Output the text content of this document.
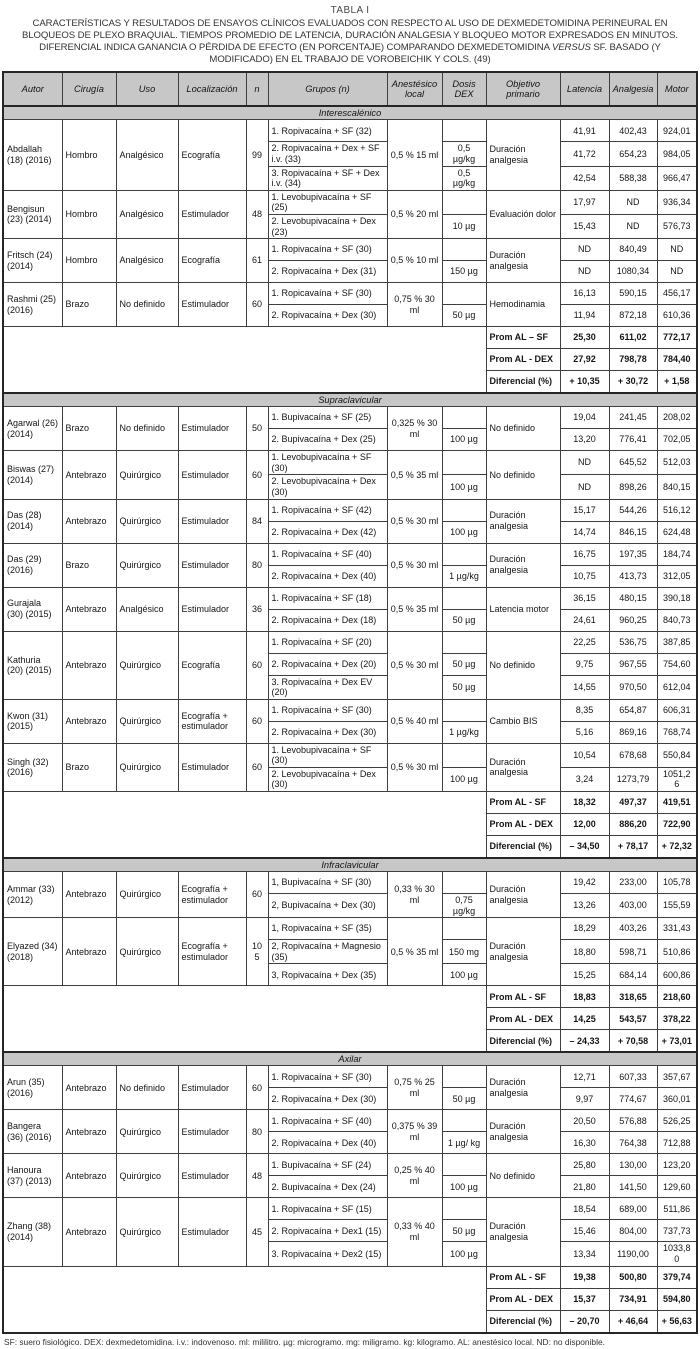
TABLA I
CARACTERÍSTICAS Y RESULTADOS DE ENSAYOS CLÍNICOS EVALUADOS CON RESPECTO AL USO DE DEXMEDETOMIDINA PERINEURAL EN BLOQUEOS DE PLEXO BRAQUIAL. TIEMPOS PROMEDIO DE LATENCIA, DURACIÓN ANALGESIA Y BLOQUEO MOTOR EXPRESADOS EN MINUTOS. DIFERENCIAL INDICA GANANCIA O PÉRDIDA DE EFECTO (EN PORCENTAJE) COMPARANDO DEXMEDETOMIDINA VERSUS SF. BASADO (Y MODIFICADO) EN EL TRABAJO DE VOROBEICHIK Y COLS. (49)
Autor	Cirugía	Uso	Localización	n	Grupos (n)	Anestésico local	Dosis DEX	Objetivo primario	Latencia	Analgesia	Motor
Interescalénico											
Abdallah (18) (2016)	Hombro	Analgésico	Ecografía	99	1. Ropivacaína + SF (32)	0,5 % 15 ml		Duración analgesia	41,91	402,43	924,01
					2. Ropivacaína + Dex + SF i.v. (33)		0,5 µg/kg		41,72	654,23	984,05
					3. Ropivacaína + SF + Dex i.v. (34)		0,5 µg/kg		42,54	588,38	966,47
Bengisun (23) (2014)	Hombro	Analgésico	Estimulador	48	1. Levobupivacaína + SF (25)	0,5 % 20 ml		Evaluación dolor	17,97	ND	936,34
					2. Levobupivacaína + Dex (23)		10 µg		15,43	ND	576,73
Fritsch (24) (2014)	Hombro	Analgésico	Ecografía	61	1. Ropivacaína + SF (30)	0,5 % 10 ml		Duración analgesia	ND	840,49	ND
					2. Ropivacaína + Dex (31)		150 µg		ND	1080,34	ND
Rashmi (25) (2016)	Brazo	No definido	Estimulador	60	1. Ropicavaína + SF (30)	0,75 % 30 ml		Hemodinamia	16,13	590,15	456,17
					2. Ropivacaína + Dex (30)		50 µg		11,94	872,18	610,36
								Prom AL – SF	25,30	611,02	772,17
								Prom AL - DEX	27,92	798,78	784,40
								Diferencial (%)	+ 10,35	+ 30,72	+ 1,58
Supraclavicular											
Agarwal (26) (2014)	Brazo	No definido	Estimulador	50	1. Bupivacaína + SF (25)	0,325 % 30 ml		No definido	19,04	241,45	208,02
					2. Bupivacaína + Dex (25)		100 µg		13,20	776,41	702,05
Biswas (27) (2014)	Antebrazo	Quirúrgico	Estimulador	60	1. Levobupivacaína + SF (30)	0,5 % 35 ml		No definido	ND	645,52	512,03
					2. Levobupivacaína + Dex (30)		100 µg		ND	898,26	840,15
Das (28) (2014)	Antebrazo	Quirúrgico	Estimulador	84	1. Ropivacaína + SF (42)	0,5 % 30 ml		Duración analgesia	15,17	544,26	516,12
					2. Ropivacaína + Dex (42)		100 µg		14,74	846,15	624,48
Das (29) (2016)	Brazo	Quirúrgico	Estimulador	80	1. Ropivacaína + SF (40)	0,5 % 30 ml		Duración analgesia	16,75	197,35	184,74
					2. Ropivacaína + Dex (40)		1 µg/kg		10,75	413,73	312,05
Gurajala (30) (2015)	Antebrazo	Analgésico	Estimulador	36	1. Ropivacaína + SF (18)	0,5 % 35 ml		Latencia motor	36,15	480,15	390,18
					2. Ropivacaína + Dex (18)		50 µg		24,61	960,25	840,73
Kathuria (20) (2015)	Antebrazo	Quirúrgico	Ecografía	60	1. Ropivacaína + SF (20)	0,5 % 30 ml		No definido	22,25	536,75	387,85
					2. Ropivacaína + Dex (20)		50 µg		9,75	967,55	754,60
					3. Ropivacaína + Dex EV (20)		50 µg		14,55	970,50	612,04
Kwon (31) (2015)	Antebrazo	Quirúrgico	Ecografía + estimulador	60	1. Ropivacaína + SF (30)	0,5 % 40 ml		Cambio BIS	8,35	654,87	606,31
					2. Ropivacaína + Dex (30)		1 µg/kg		5,16	869,16	768,74
Singh (32) (2016)	Brazo	Quirúrgico	Estimulador	60	1. Levobupivacaína + SF (30)	0,5 % 30 ml		Duración analgesia	10,54	678,68	550,84
					2. Levobupivacaína + Dex (30)		100 µg		3,24	1273,79	1051,26
								Prom AL - SF	18,32	497,37	419,51
								Prom AL - DEX	12,00	886,20	722,90
								Diferencial (%)	– 34,50	+ 78,17	+ 72,32
Infraclavicular											
Ammar (33) (2012)	Antebrazo	Quirúrgico	Ecografía + estimulador	60	1, Bupivacaína + SF (30)	0,33 % 30 ml		Duración analgesia	19,42	233,00	105,78
					2, Bupivacaína + Dex (30)		0,75 µg/kg		13,26	403,00	155,59
Elyazed (34) (2018)	Antebrazo	Quirúrgico	Ecografía + estimulador	105	1, Ropivacaína + SF (35)	0,5 % 35 ml		Duración analgesia	18,29	403,26	331,43
					2, Ropivacaína + Magnesio (35)		150 mg		18,80	598,71	510,86
					3, Ropivacaína + Dex (35)		100 µg		15,25	684,14	600,86
								Prom AL - SF	18,83	318,65	218,60
								Prom AL - DEX	14,25	543,57	378,22
								Diferencial (%)	– 24,33	+ 70,58	+ 73,01
Axilar											
Arun (35) (2016)	Antebrazo	No definido	Estimulador	60	1. Ropivacaína + SF (30)	0,75 % 25 ml		Duración analgesia	12,71	607,33	357,67
					2. Ropivacaína + Dex (30)		50 µg		9,97	774,67	360,01
Bangera (36) (2016)	Antebrazo	Quirúrgico	Estimulador	80	1. Ropivacaína + SF (40)	0,375 % 39 ml		Duración analgesia	20,50	576,88	526,25
					2. Ropivacaína + Dex (40)		1 µg/ kg		16,30	764,38	712,88
Hanoura (37) (2013)	Antebrazo	Quirúrgico	Estimulador	48	1. Bupivacaína + SF (24)	0,25 % 40 ml		No definido	25,80	130,00	123,20
					2. Bupivacaína + Dex (24)		100 µg		21,80	141,50	129,60
Zhang (38) (2014)	Antebrazo	Quirúrgico	Estimulador	45	1. Ropivacaína + SF (15)	0,33 % 40 ml		Duración analgesia	18,54	689,00	511,86
					2. Ropivacaína + Dex1 (15)		50 µg		15,46	804,00	737,73
					3. Ropivacaína + Dex2 (15)		100 µg		13,34	1190,00	1033,80
								Prom AL - SF	19,38	500,80	379,74
								Prom AL - DEX	15,37	734,91	594,80
								Diferencial (%)	– 20,70	+ 46,64	+ 56,63
SF: suero fisiológico. DEX: dexmedetomidina. i.v.: indovenoso. ml: mililitro. µg: microgramo. mg: miligramo. kg: kilogramo. AL: anestésico local. ND: no disponible.
